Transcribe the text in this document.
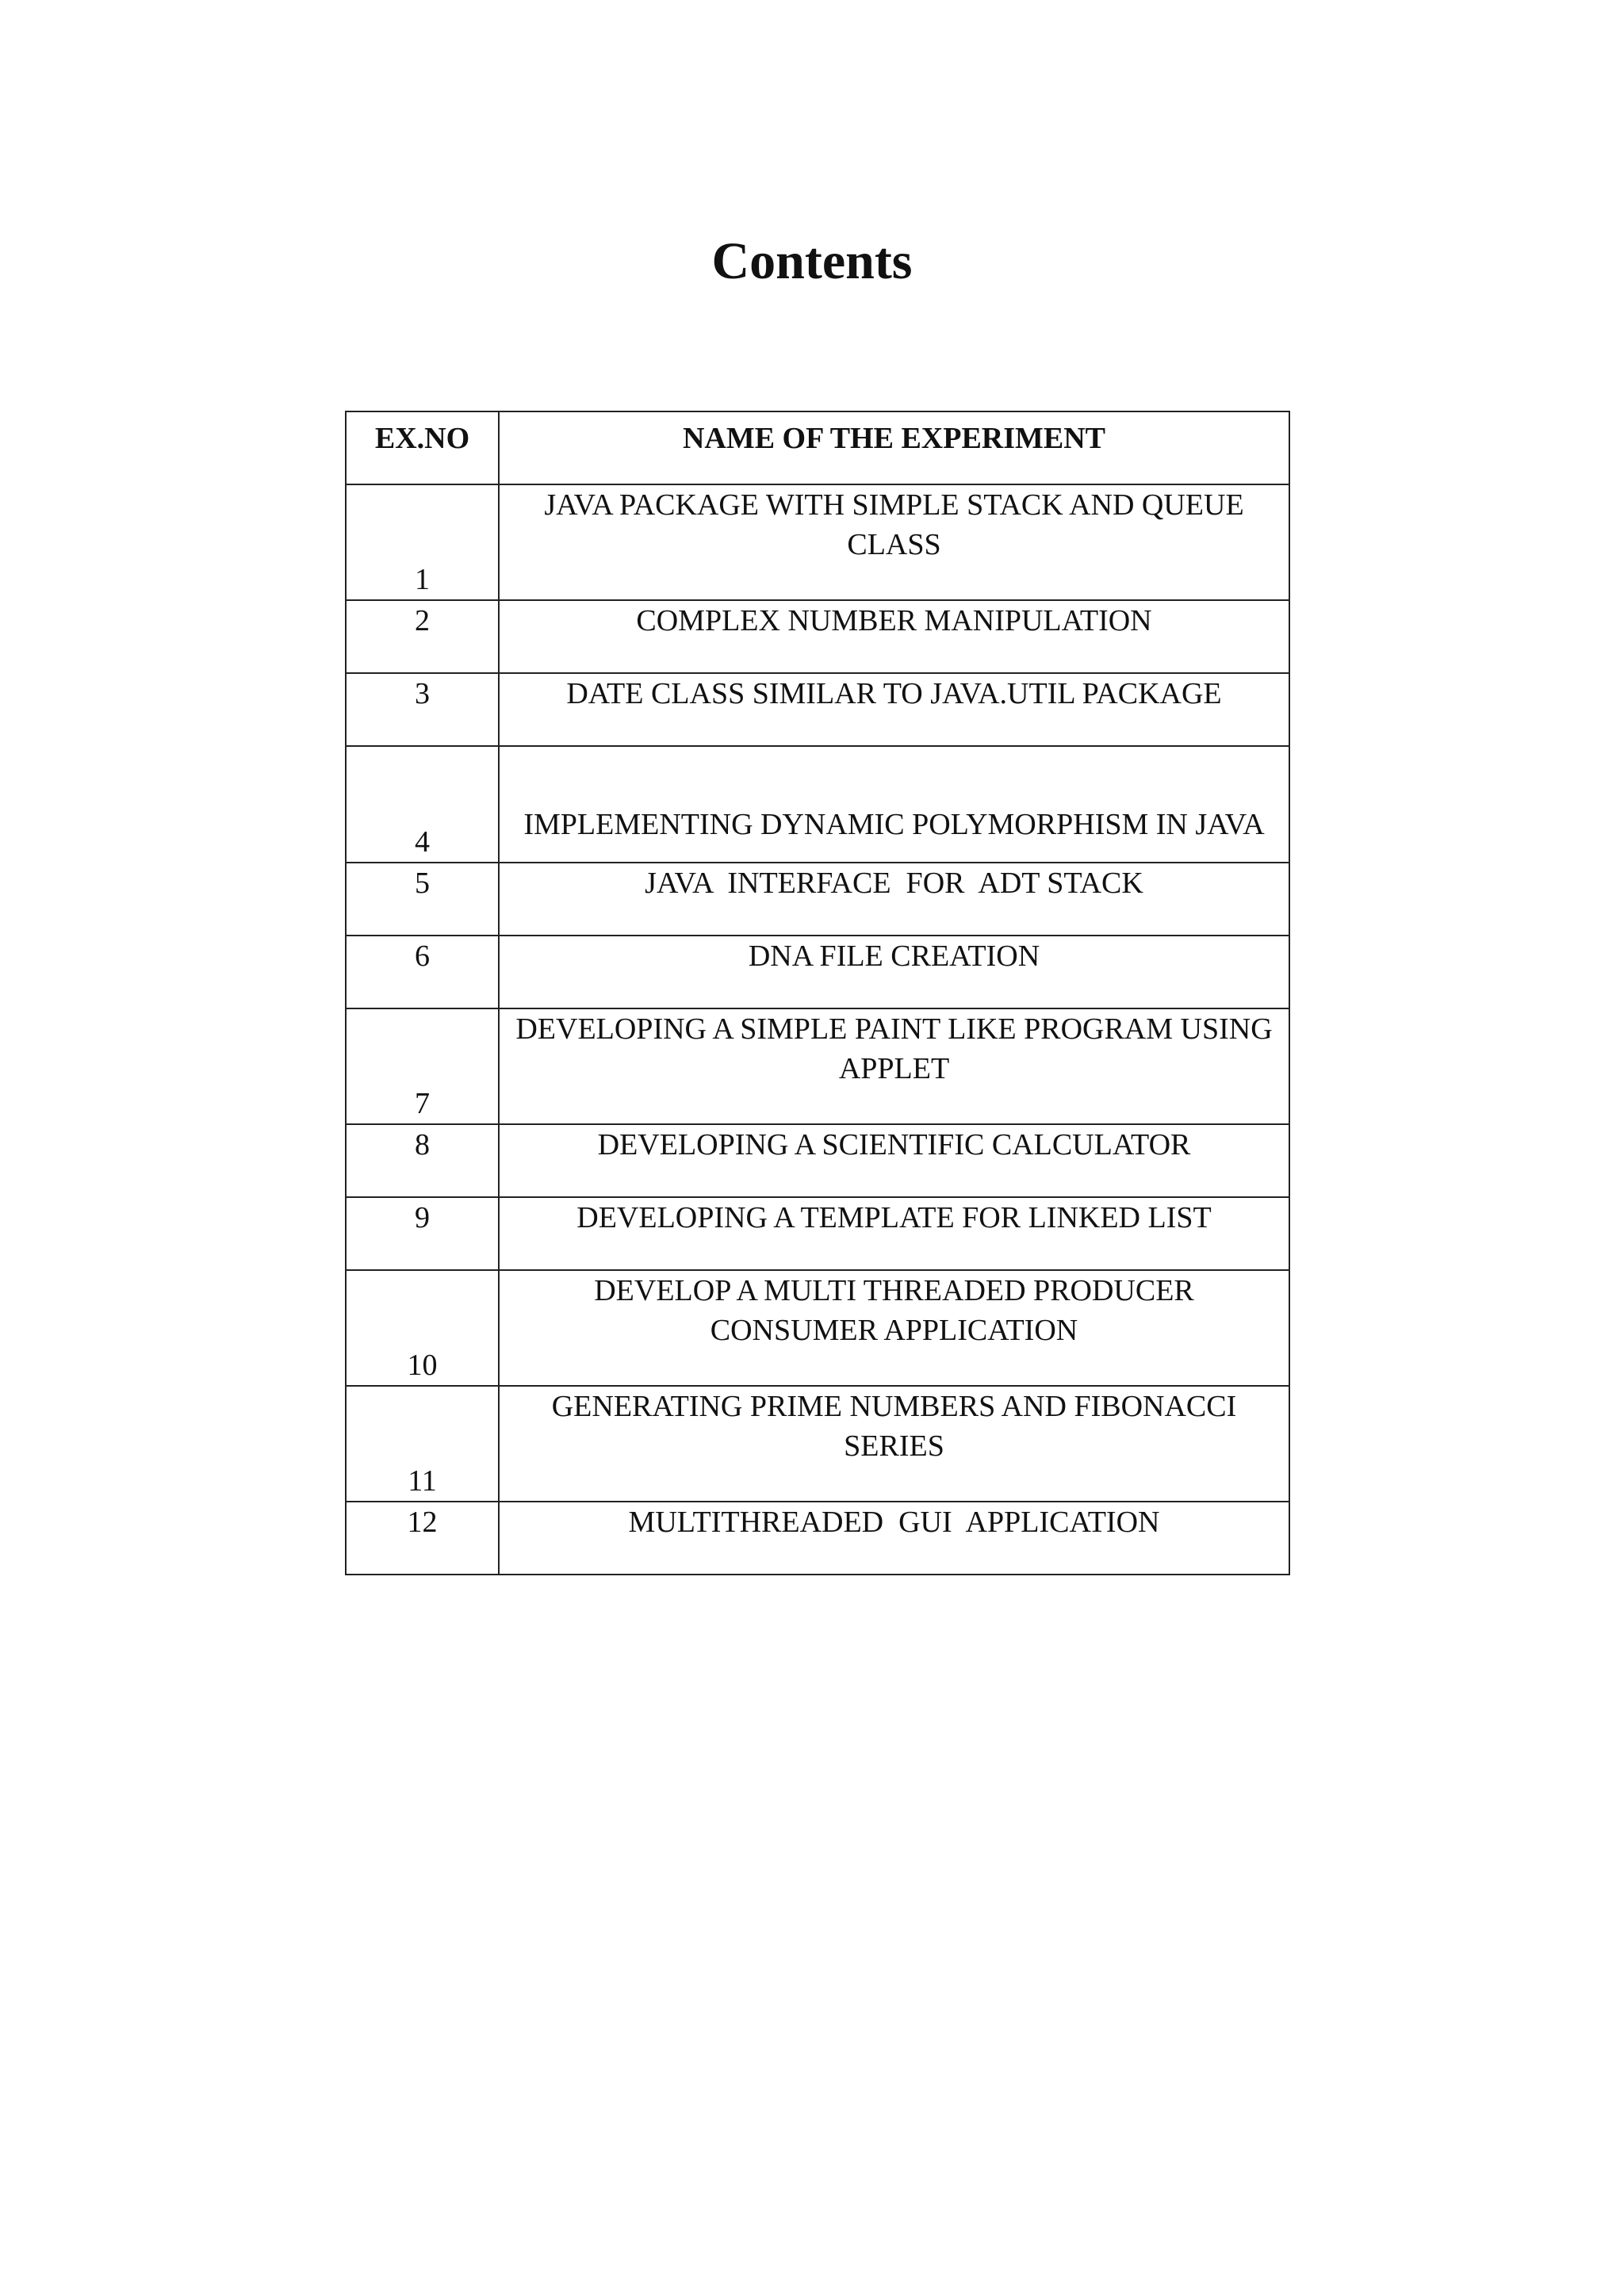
Contents
EX.NO	NAME OF THE EXPERIMENT
1	JAVA PACKAGE WITH SIMPLE STACK AND QUEUE CLASS
2	COMPLEX NUMBER MANIPULATION
3	DATE CLASS SIMILAR TO JAVA.UTIL PACKAGE
4	IMPLEMENTING DYNAMIC POLYMORPHISM IN JAVA
5	JAVA  INTERFACE  FOR  ADT STACK
6	DNA FILE CREATION
7	DEVELOPING A SIMPLE PAINT LIKE PROGRAM USING APPLET
8	DEVELOPING A SCIENTIFIC CALCULATOR
9	DEVELOPING A TEMPLATE FOR LINKED LIST
10	DEVELOP A MULTI THREADED PRODUCER CONSUMER APPLICATION
11	GENERATING PRIME NUMBERS AND FIBONACCI SERIES
12	MULTITHREADED  GUI  APPLICATION
